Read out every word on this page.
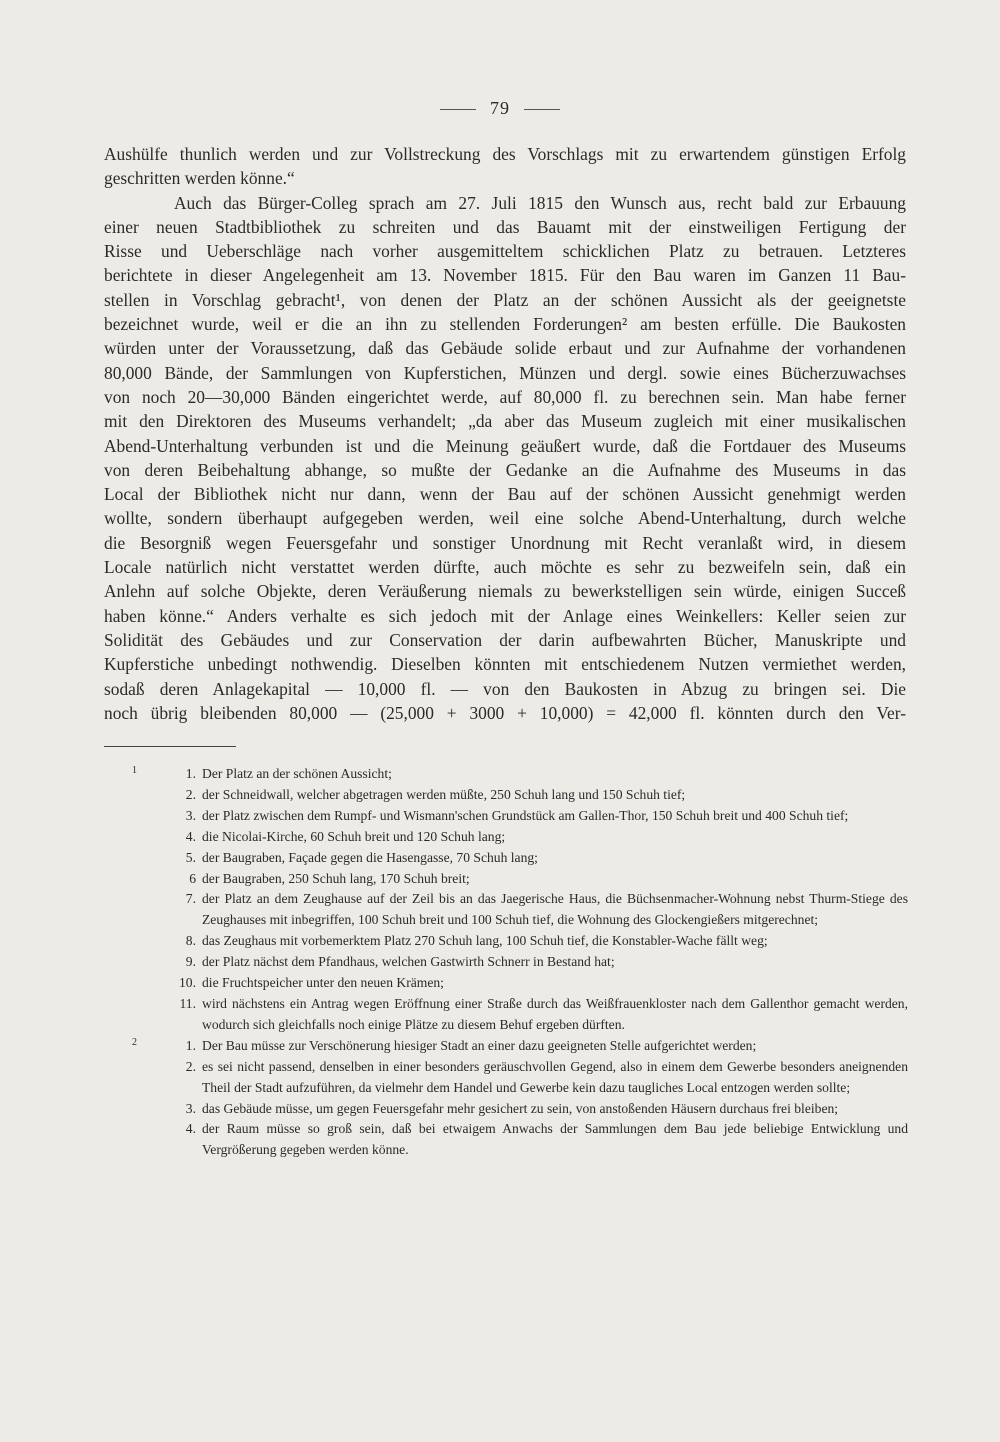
79
Aushülfe thunlich werden und zur Vollstreckung des Vorschlags mit zu erwartendem günstigen Erfolg
geschritten werden könne.“
Auch das Bürger-Colleg sprach am 27. Juli 1815 den Wunsch aus, recht bald zur Erbauung
einer neuen Stadtbibliothek zu schreiten und das Bauamt mit der einstweiligen Fertigung der
Risse und Ueberschläge nach vorher ausgemitteltem schicklichen Platz zu betrauen. Letzteres
berichtete in dieser Angelegenheit am 13. November 1815. Für den Bau waren im Ganzen 11 Bau-
stellen in Vorschlag gebracht¹, von denen der Platz an der schönen Aussicht als der geeignetste
bezeichnet wurde, weil er die an ihn zu stellenden Forderungen² am besten erfülle. Die Baukosten
würden unter der Voraussetzung, daß das Gebäude solide erbaut und zur Aufnahme der vorhandenen
80,000 Bände, der Sammlungen von Kupferstichen, Münzen und dergl. sowie eines Bücherzuwachses
von noch 20—30,000 Bänden eingerichtet werde, auf 80,000 fl. zu berechnen sein. Man habe ferner
mit den Direktoren des Museums verhandelt; „da aber das Museum zugleich mit einer musikalischen
Abend-Unterhaltung verbunden ist und die Meinung geäußert wurde, daß die Fortdauer des Museums
von deren Beibehaltung abhange, so mußte der Gedanke an die Aufnahme des Museums in das
Local der Bibliothek nicht nur dann, wenn der Bau auf der schönen Aussicht genehmigt werden
wollte, sondern überhaupt aufgegeben werden, weil eine solche Abend-Unterhaltung, durch welche
die Besorgniß wegen Feuersgefahr und sonstiger Unordnung mit Recht veranlaßt wird, in diesem
Locale natürlich nicht verstattet werden dürfte, auch möchte es sehr zu bezweifeln sein, daß ein
Anlehn auf solche Objekte, deren Veräußerung niemals zu bewerkstelligen sein würde, einigen Succeß
haben könne.“ Anders verhalte es sich jedoch mit der Anlage eines Weinkellers: Keller seien zur
Solidität des Gebäudes und zur Conservation der darin aufbewahrten Bücher, Manuskripte und
Kupferstiche unbedingt nothwendig. Dieselben könnten mit entschiedenem Nutzen vermiethet werden,
sodaß deren Anlagekapital — 10,000 fl. — von den Baukosten in Abzug zu bringen sei. Die
noch übrig bleibenden 80,000 — (25,000 + 3000 + 10,000) = 42,000 fl. könnten durch den Ver-
1	1. Der Platz an der schönen Aussicht;
2. der Schneidwall, welcher abgetragen werden müßte, 250 Schuh lang und 150 Schuh tief;
3. der Platz zwischen dem Rumpf- und Wismann'schen Grundstück am Gallen-Thor, 150 Schuh breit und 400 Schuh tief;
4. die Nicolai-Kirche, 60 Schuh breit und 120 Schuh lang;
5. der Baugraben, Façade gegen die Hasengasse, 70 Schuh lang;
6 der Baugraben, 250 Schuh lang, 170 Schuh breit;
7. der Platz an dem Zeughause auf der Zeil bis an das Jaegerische Haus, die Büchsenmacher-Wohnung nebst Thurm-Stiege des Zeughauses mit inbegriffen, 100 Schuh breit und 100 Schuh tief, die Wohnung des Glockengießers mitgerechnet;
8. das Zeughaus mit vorbemerktem Platz 270 Schuh lang, 100 Schuh tief, die Konstabler-Wache fällt weg;
9. der Platz nächst dem Pfandhaus, welchen Gastwirth Schnerr in Bestand hat;
10. die Fruchtspeicher unter den neuen Krämen;
11. wird nächstens ein Antrag wegen Eröffnung einer Straße durch das Weißfrauenkloster nach dem Gallenthor gemacht werden, wodurch sich gleichfalls noch einige Plätze zu diesem Behuf ergeben dürften.
2	1. Der Bau müsse zur Verschönerung hiesiger Stadt an einer dazu geeigneten Stelle aufgerichtet werden;
2. es sei nicht passend, denselben in einer besonders geräuschvollen Gegend, also in einem dem Gewerbe besonders aneignenden Theil der Stadt aufzuführen, da vielmehr dem Handel und Gewerbe kein dazu taugliches Local entzogen werden sollte;
3. das Gebäude müsse, um gegen Feuersgefahr mehr gesichert zu sein, von anstoßenden Häusern durchaus frei bleiben;
4. der Raum müsse so groß sein, daß bei etwaigem Anwachs der Sammlungen dem Bau jede beliebige Entwicklung und Vergrößerung gegeben werden könne.
